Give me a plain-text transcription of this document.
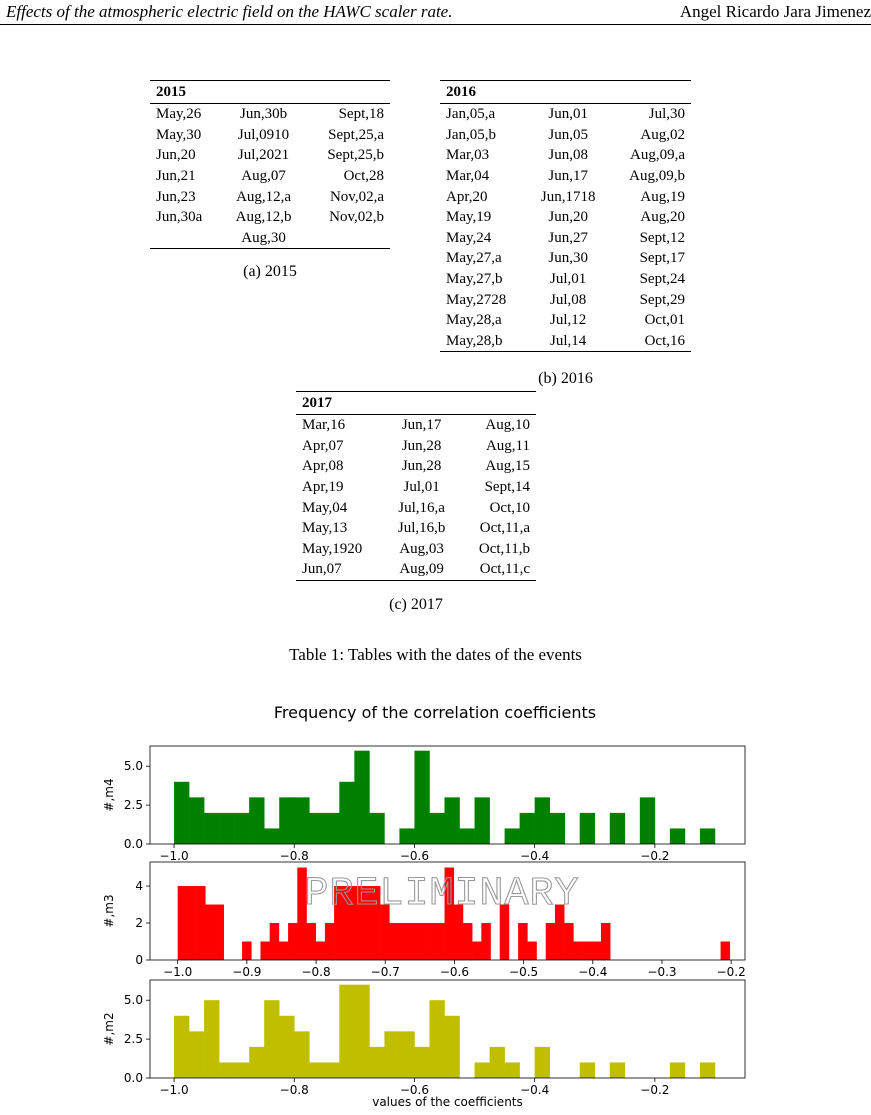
Effects of the atmospheric electric field on the HAWC scaler rate.	Angel Ricardo Jara Jimenez
2015		
May,26	Jun,30b	Sept,18
May,30	Jul,0910	Sept,25,a
Jun,20	Jul,2021	Sept,25,b
Jun,21	Aug,07	Oct,28
Jun,23	Aug,12,a	Nov,02,a
Jun,30a	Aug,12,b	Nov,02,b
	Aug,30	
(a) 2015
2016		
Jan,05,a	Jun,01	Jul,30
Jan,05,b	Jun,05	Aug,02
Mar,03	Jun,08	Aug,09,a
Mar,04	Jun,17	Aug,09,b
Apr,20	Jun,1718	Aug,19
May,19	Jun,20	Aug,20
May,24	Jun,27	Sept,12
May,27,a	Jun,30	Sept,17
May,27,b	Jul,01	Sept,24
May,2728	Jul,08	Sept,29
May,28,a	Jul,12	Oct,01
May,28,b	Jul,14	Oct,16
(b) 2016
2017		
Mar,16	Jun,17	Aug,10
Apr,07	Jun,28	Aug,11
Apr,08	Jun,28	Aug,15
Apr,19	Jul,01	Sept,14
May,04	Jul,16,a	Oct,10
May,13	Jul,16,b	Oct,11,a
May,1920	Aug,03	Oct,11,b
Jun,07	Aug,09	Oct,11,c
(c) 2017
Table 1: Tables with the dates of the events
Frequency of the correlation coefficients
0.0
2.5
5.0
−1.0	−0.8	−0.6	−0.4	−0.2
#,m4
0
2
4
−1.0	−0.9	−0.8	−0.7	−0.6	−0.5	−0.4	−0.3	−0.2
#,m3
0.0
2.5
5.0
−1.0	−0.8	−0.6	−0.4	−0.2
#,m2
PRELIMINARY
values of the coefficients
